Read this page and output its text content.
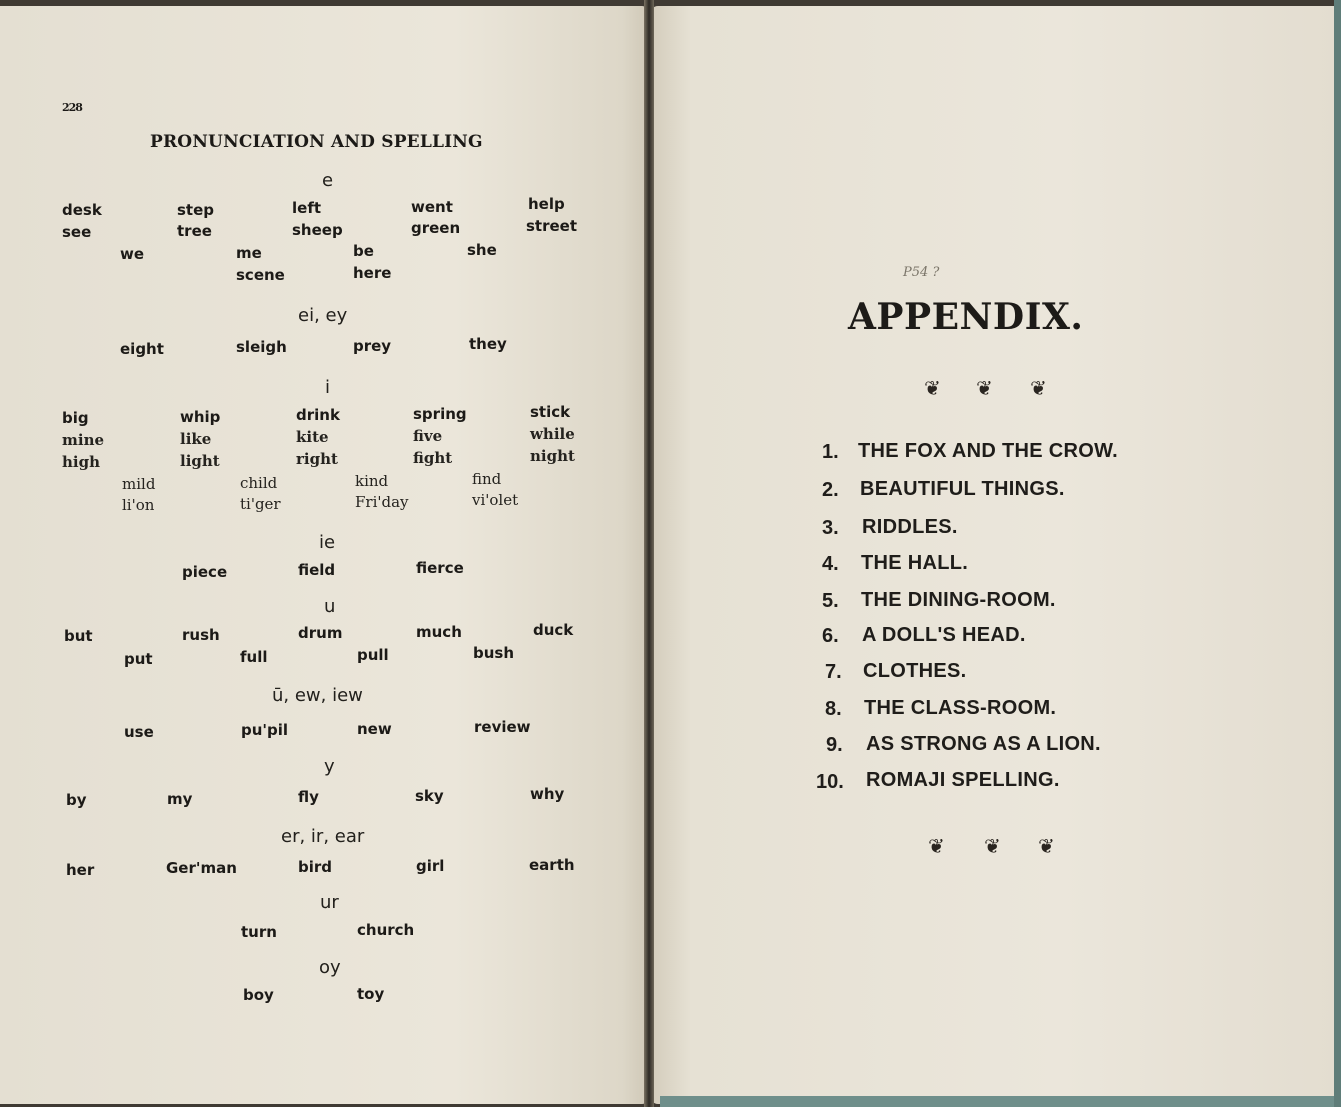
228
PRONUNCIATION AND SPELLING
e
desk	step	left	went	help
see	tree	sheep	green	street
we	me	be	she
scene	here
ei, ey
eight	sleigh	prey	they
i
big	whip	drink	spring	stick
mine	like	kite	five	while
high	light	right	fight	night
mild	child	kind	find
li'on	ti'ger	Fri'day	vi'olet
ie
piece	field	fierce
u
but	rush	drum	much	duck
put	full	pull	bush
ū, ew, iew
use	pu'pil	new	review
y
by	my	fly	sky	why
er, ir, ear
her	Ger'man	bird	girl	earth
ur
turn	church
oy
boy	toy
P54 ?
APPENDIX.
❦ ❦ ❦
1. THE FOX AND THE CROW.
2. BEAUTIFUL THINGS.
3. RIDDLES.
4. THE HALL.
5. THE DINING-ROOM.
6. A DOLL'S HEAD.
7. CLOTHES.
8. THE CLASS-ROOM.
9. AS STRONG AS A LION.
10. ROMAJI SPELLING.
❦ ❦ ❦
